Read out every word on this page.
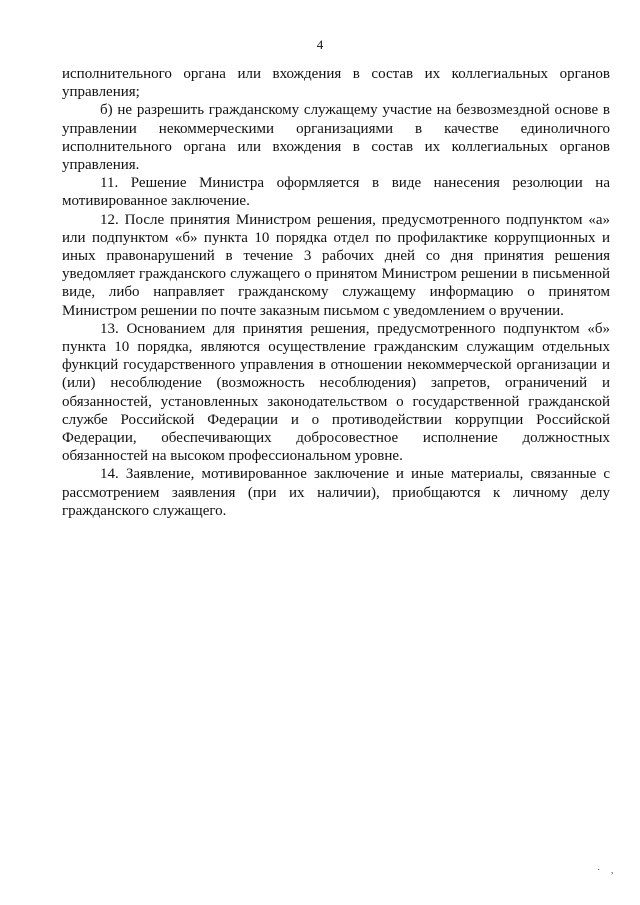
4

исполнительного органа или вхождения в состав их коллегиальных органов управления;

б) не разрешить гражданскому служащему участие на безвозмездной основе в управлении некоммерческими организациями в качестве единоличного исполнительного органа или вхождения в состав их коллегиальных органов управления.

11. Решение Министра оформляется в виде нанесения резолюции на мотивированное заключение.

12. После принятия Министром решения, предусмотренного подпунктом «а» или подпунктом «б» пункта 10 порядка отдел по профилактике коррупционных и иных правонарушений в течение 3 рабочих дней со дня принятия решения уведомляет гражданского служащего о принятом Министром решении в письменной виде, либо направляет гражданскому служащему информацию о принятом Министром решении по почте заказным письмом с уведомлением о вручении.

13. Основанием для принятия решения, предусмотренного подпунктом «б» пункта 10 порядка, являются осуществление гражданским служащим отдельных функций государственного управления в отношении некоммерческой организации и (или) несоблюдение (возможность несоблюдения) запретов, ограничений и обязанностей, установленных законодательством о государственной гражданской службе Российской Федерации и о противодействии коррупции Российской Федерации, обеспечивающих добросовестное исполнение должностных обязанностей на высоком профессиональном уровне.

14. Заявление, мотивированное заключение и иные материалы, связанные с рассмотрением заявления (при их наличии), приобщаются к личному делу гражданского служащего.

· ,
